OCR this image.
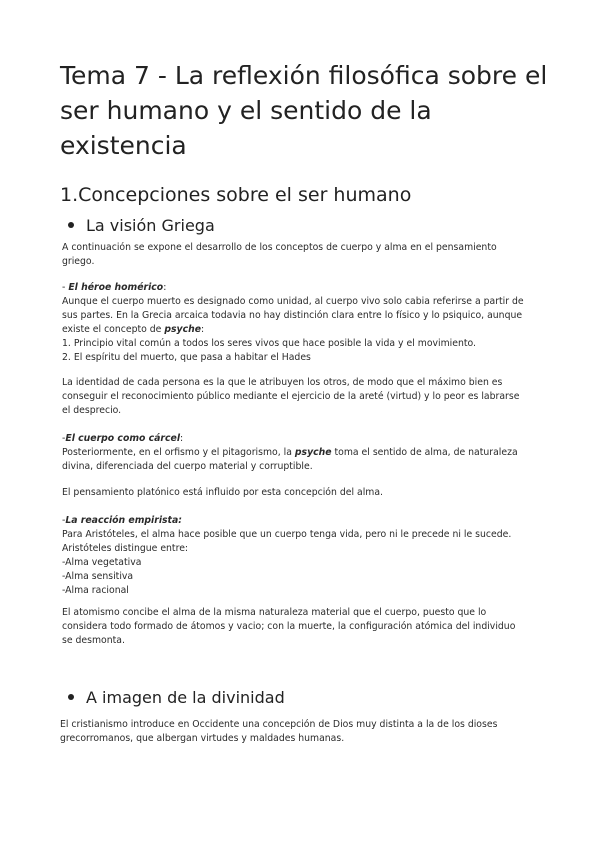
Tema 7 - La reflexión filosófica sobre el ser humano y el sentido de la existencia
1.Concepciones sobre el ser humano
La visión Griega

A continuación se expone el desarrollo de los conceptos de cuerpo y alma en el pensamiento griego.

- El héroe homérico:

Aunque el cuerpo muerto es designado como unidad, al cuerpo vivo solo cabia referirse a partir de sus partes. En la Grecia arcaica todavia no hay distinción clara entre lo físico y lo psiquico, aunque existe el concepto de psyche:

1. Principio vital común a todos los seres vivos que hace posible la vida y el movimiento.

2. El espíritu del muerto, que pasa a habitar el Hades

La identidad de cada persona es la que le atribuyen los otros, de modo que el máximo bien es conseguir el reconocimiento público mediante el ejercicio de la areté (virtud) y lo peor es labrarse el desprecio.

-El cuerpo como cárcel:

Posteriormente, en el orfismo y el pitagorismo, la psyche toma el sentido de alma, de naturaleza divina, diferenciada del cuerpo material y corruptible.

El pensamiento platónico está influido por esta concepción del alma.

-La reacción empirista:

Para Aristóteles, el alma hace posible que un cuerpo tenga vida, pero ni le precede ni le sucede. Aristóteles distingue entre:

-Alma vegetativa

-Alma sensitiva

-Alma racional

El atomismo concibe el alma de la misma naturaleza material que el cuerpo, puesto que lo considera todo formado de átomos y vacio; con la muerte, la configuración atómica del individuo se desmonta.

A imagen de la divinidad

El cristianismo introduce en Occidente una concepción de Dios muy distinta a la de los dioses grecorromanos, que albergan virtudes y maldades humanas.
